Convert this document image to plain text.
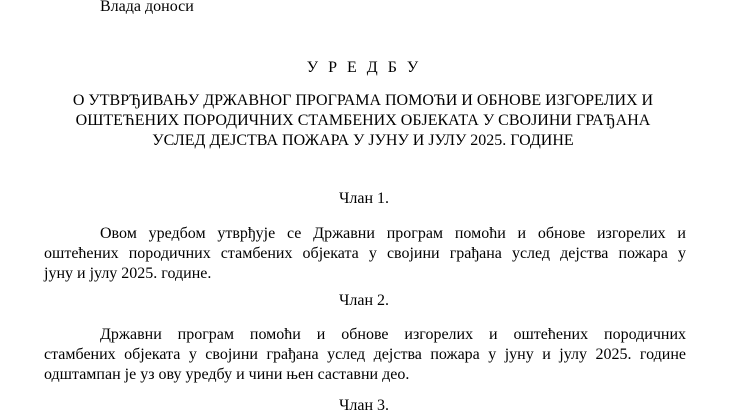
Влада доноси
У Р Е Д Б У
О УТВРЂИВАЊУ ДРЖАВНОГ ПРОГРАМА ПОМОЋИ И ОБНОВЕ ИЗГОРЕЛИХ И
ОШТЕЋЕНИХ ПОРОДИЧНИХ СТАМБЕНИХ ОБЈЕКАТА У СВОЈИНИ ГРАЂАНА
УСЛЕД ДЕЈСТВА ПОЖАРА У ЈУНУ И ЈУЛУ 2025. ГОДИНЕ
Члан 1.
Овом уредбом утврђује се Државни програм помоћи и обнове изгорелих и
оштећених породичних стамбених објеката у својини грађана услед дејства пожара у
јуну и јулу 2025. године.
Члан 2.
Државни програм помоћи и обнове изгорелих и оштећених породичних
стамбених објеката у својини грађана услед дејства пожара у јуну и јулу 2025. године
одштампан је уз ову уредбу и чини њен саставни део.
Члан 3.
